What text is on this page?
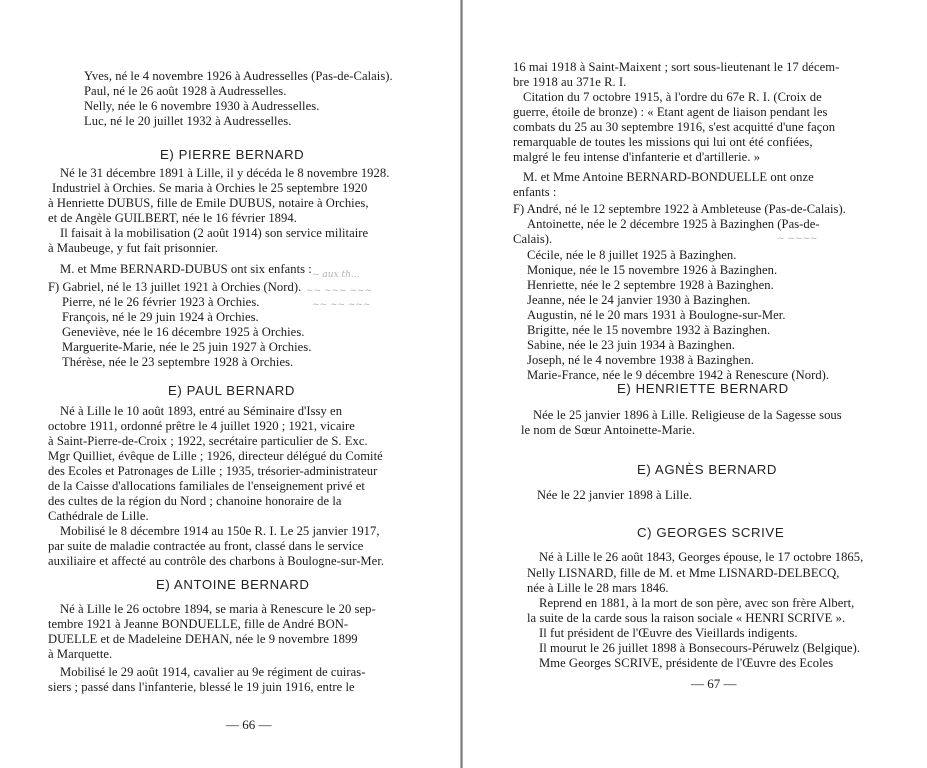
Yves, né le 4 novembre 1926 à Audresselles (Pas-de-Calais).
Paul, né le 26 août 1928 à Audresselles.
Nelly, née le 6 novembre 1930 à Audresselles.
Luc, né le 20 juillet 1932 à Audresselles.
E) PIERRE BERNARD
Né le 31 décembre 1891 à Lille, il y décéda le 8 novembre 1928.
Industriel à Orchies. Se maria à Orchies le 25 septembre 1920
à Henriette DUBUS, fille de Emile DUBUS, notaire à Orchies,
et de Angèle GUILBERT, née le 16 février 1894.
Il faisait à la mobilisation (2 août 1914) son service militaire
à Maubeuge, y fut fait prisonnier.
M. et Mme BERNARD-DUBUS ont six enfants :
F) Gabriel, né le 13 juillet 1921 à Orchies (Nord).
Pierre, né le 26 février 1923 à Orchies.
François, né le 29 juin 1924 à Orchies.
Geneviève, née le 16 décembre 1925 à Orchies.
Marguerite-Marie, née le 25 juin 1927 à Orchies.
Thérèse, née le 23 septembre 1928 à Orchies.
~ aux th...
~~ ~~~ ~~~
~~ ~~ ~~~
E) PAUL BERNARD
Né à Lille le 10 août 1893, entré au Séminaire d'Issy en
octobre 1911, ordonné prêtre le 4 juillet 1920 ; 1921, vicaire
à Saint-Pierre-de-Croix ; 1922, secrétaire particulier de S. Exc.
Mgr Quilliet, évêque de Lille ; 1926, directeur délégué du Comité
des Ecoles et Patronages de Lille ; 1935, trésorier-administrateur
de la Caisse d'allocations familiales de l'enseignement privé et
des cultes de la région du Nord ; chanoine honoraire de la
Cathédrale de Lille.
Mobilisé le 8 décembre 1914 au 150e R. I. Le 25 janvier 1917,
par suite de maladie contractée au front, classé dans le service
auxiliaire et affecté au contrôle des charbons à Boulogne-sur-Mer.
E) ANTOINE BERNARD
Né à Lille le 26 octobre 1894, se maria à Renescure le 20 sep-
tembre 1921 à Jeanne BONDUELLE, fille de André BON-
DUELLE et de Madeleine DEHAN, née le 9 novembre 1899
à Marquette.
Mobilisé le 29 août 1914, cavalier au 9e régiment de cuiras-
siers ; passé dans l'infanterie, blessé le 19 juin 1916, entre le
— 66 —
16 mai 1918 à Saint-Maixent ; sort sous-lieutenant le 17 décem-
bre 1918 au 371e R. I.
Citation du 7 octobre 1915, à l'ordre du 67e R. I. (Croix de
guerre, étoile de bronze) : « Etant agent de liaison pendant les
combats du 25 au 30 septembre 1916, s'est acquitté d'une façon
remarquable de toutes les missions qui lui ont été confiées,
malgré le feu intense d'infanterie et d'artillerie. »
M. et Mme Antoine BERNARD-BONDUELLE ont onze
enfants :
F) André, né le 12 septembre 1922 à Ambleteuse (Pas-de-Calais).
Antoinette, née le 2 décembre 1925 à Bazinghen (Pas-de-
Calais).
Cécile, née le 8 juillet 1925 à Bazinghen.
Monique, née le 15 novembre 1926 à Bazinghen.
Henriette, née le 2 septembre 1928 à Bazinghen.
Jeanne, née le 24 janvier 1930 à Bazinghen.
Augustin, né le 20 mars 1931 à Boulogne-sur-Mer.
Brigitte, née le 15 novembre 1932 à Bazinghen.
Sabine, née le 23 juin 1934 à Bazinghen.
Joseph, né le 4 novembre 1938 à Bazinghen.
Marie-France, née le 9 décembre 1942 à Renescure (Nord).
~ ~~~~
E) HENRIETTE BERNARD
Née le 25 janvier 1896 à Lille. Religieuse de la Sagesse sous
le nom de Sœur Antoinette-Marie.
E) AGNÈS BERNARD
Née le 22 janvier 1898 à Lille.
C) GEORGES SCRIVE
Né à Lille le 26 août 1843, Georges épouse, le 17 octobre 1865,
Nelly LISNARD, fille de M. et Mme LISNARD-DELBECQ,
née à Lille le 28 mars 1846.
Reprend en 1881, à la mort de son père, avec son frère Albert,
la suite de la carde sous la raison sociale « HENRI SCRIVE ».
Il fut président de l'Œuvre des Vieillards indigents.
Il mourut le 26 juillet 1898 à Bonsecours-Péruwelz (Belgique).
Mme Georges SCRIVE, présidente de l'Œuvre des Ecoles
— 67 —
